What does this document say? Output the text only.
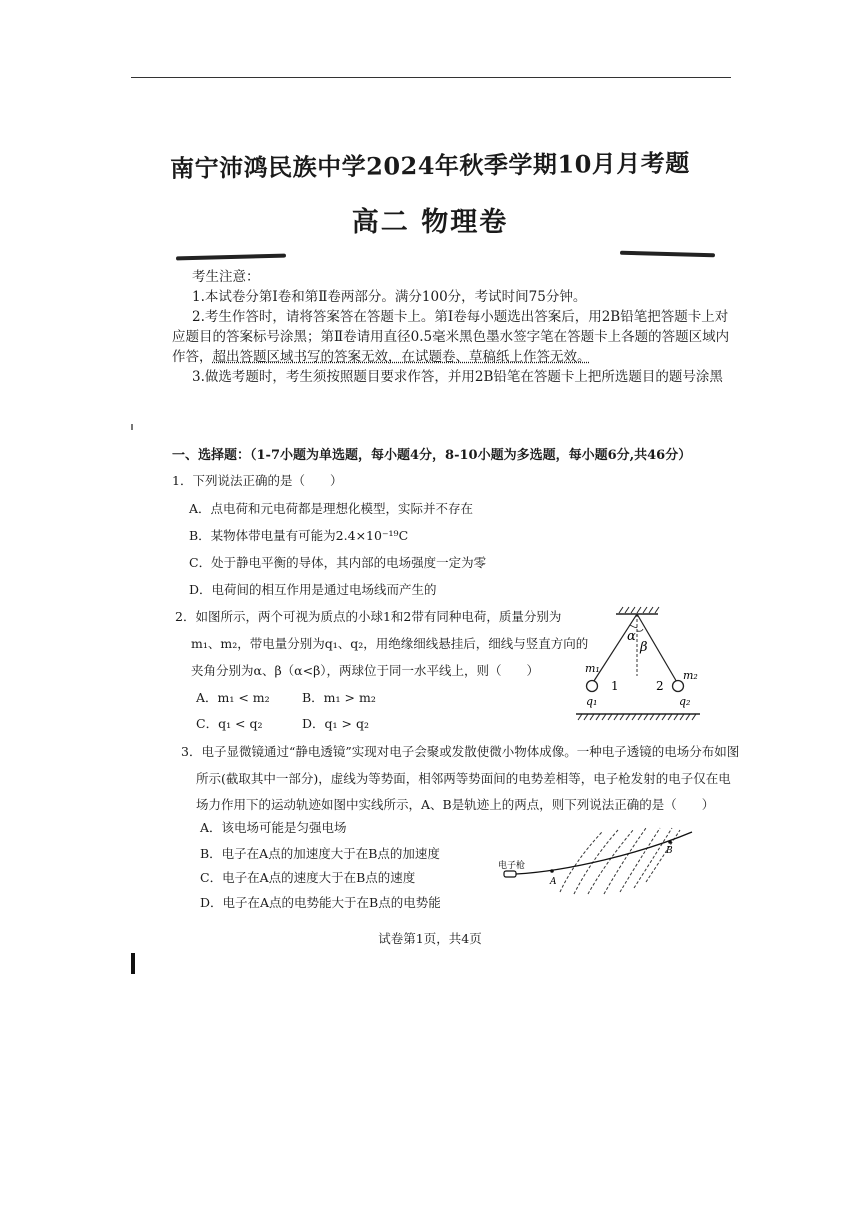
南宁沛鸿民族中学2024年秋季学期10月月考题
高二 物理卷

考生注意：

1.本试卷分第Ⅰ卷和第Ⅱ卷两部分。满分100分，考试时间75分钟。

2.考生作答时，请将答案答在答题卡上。第Ⅰ卷每小题选出答案后，用2B铅笔把答题卡上对应题目的答案标号涂黑；第Ⅱ卷请用直径0.5毫米黑色墨水签字笔在答题卡上各题的答题区域内作答，超出答题区域书写的答案无效，在试题卷、草稿纸上作答无效。

3.做选考题时，考生须按照题目要求作答，并用2B铅笔在答题卡上把所选题目的题号涂黑

一、选择题：（1-7小题为单选题，每小题4分，8-10小题为多选题，每小题6分,共46分）
1．下列说法正确的是（　　）
A．点电荷和元电荷都是理想化模型，实际并不存在
B．某物体带电量有可能为2.4×10⁻¹⁹C
C．处于静电平衡的导体，其内部的电场强度一定为零
D．电荷间的相互作用是通过电场线而产生的
2．如图所示，两个可视为质点的小球1和2带有同种电荷，质量分别为
m₁、m₂，带电量分别为q₁、q₂，用绝缘细线悬挂后，细线与竖直方向的
夹角分别为α、β（α<β），两球位于同一水平线上，则（　　）
A．m₁ < m₂	B．m₁ > m₂
C．q₁ < q₂	D．q₁ > q₂
α
β
m₁
m₂
1	2
q₁	q₂
3．电子显微镜通过“静电透镜”实现对电子会聚或发散使微小物体成像。一种电子透镜的电场分布如图
所示(截取其中一部分)，虚线为等势面，相邻两等势面间的电势差相等，电子枪发射的电子仅在电
场力作用下的运动轨迹如图中实线所示，A、B是轨迹上的两点，则下列说法正确的是（　　）
A．该电场可能是匀强电场
B．电子在A点的加速度大于在B点的加速度
C．电子在A点的速度大于在B点的速度
D．电子在A点的电势能大于在B点的电势能
电子枪
A
B
试卷第1页，共4页
